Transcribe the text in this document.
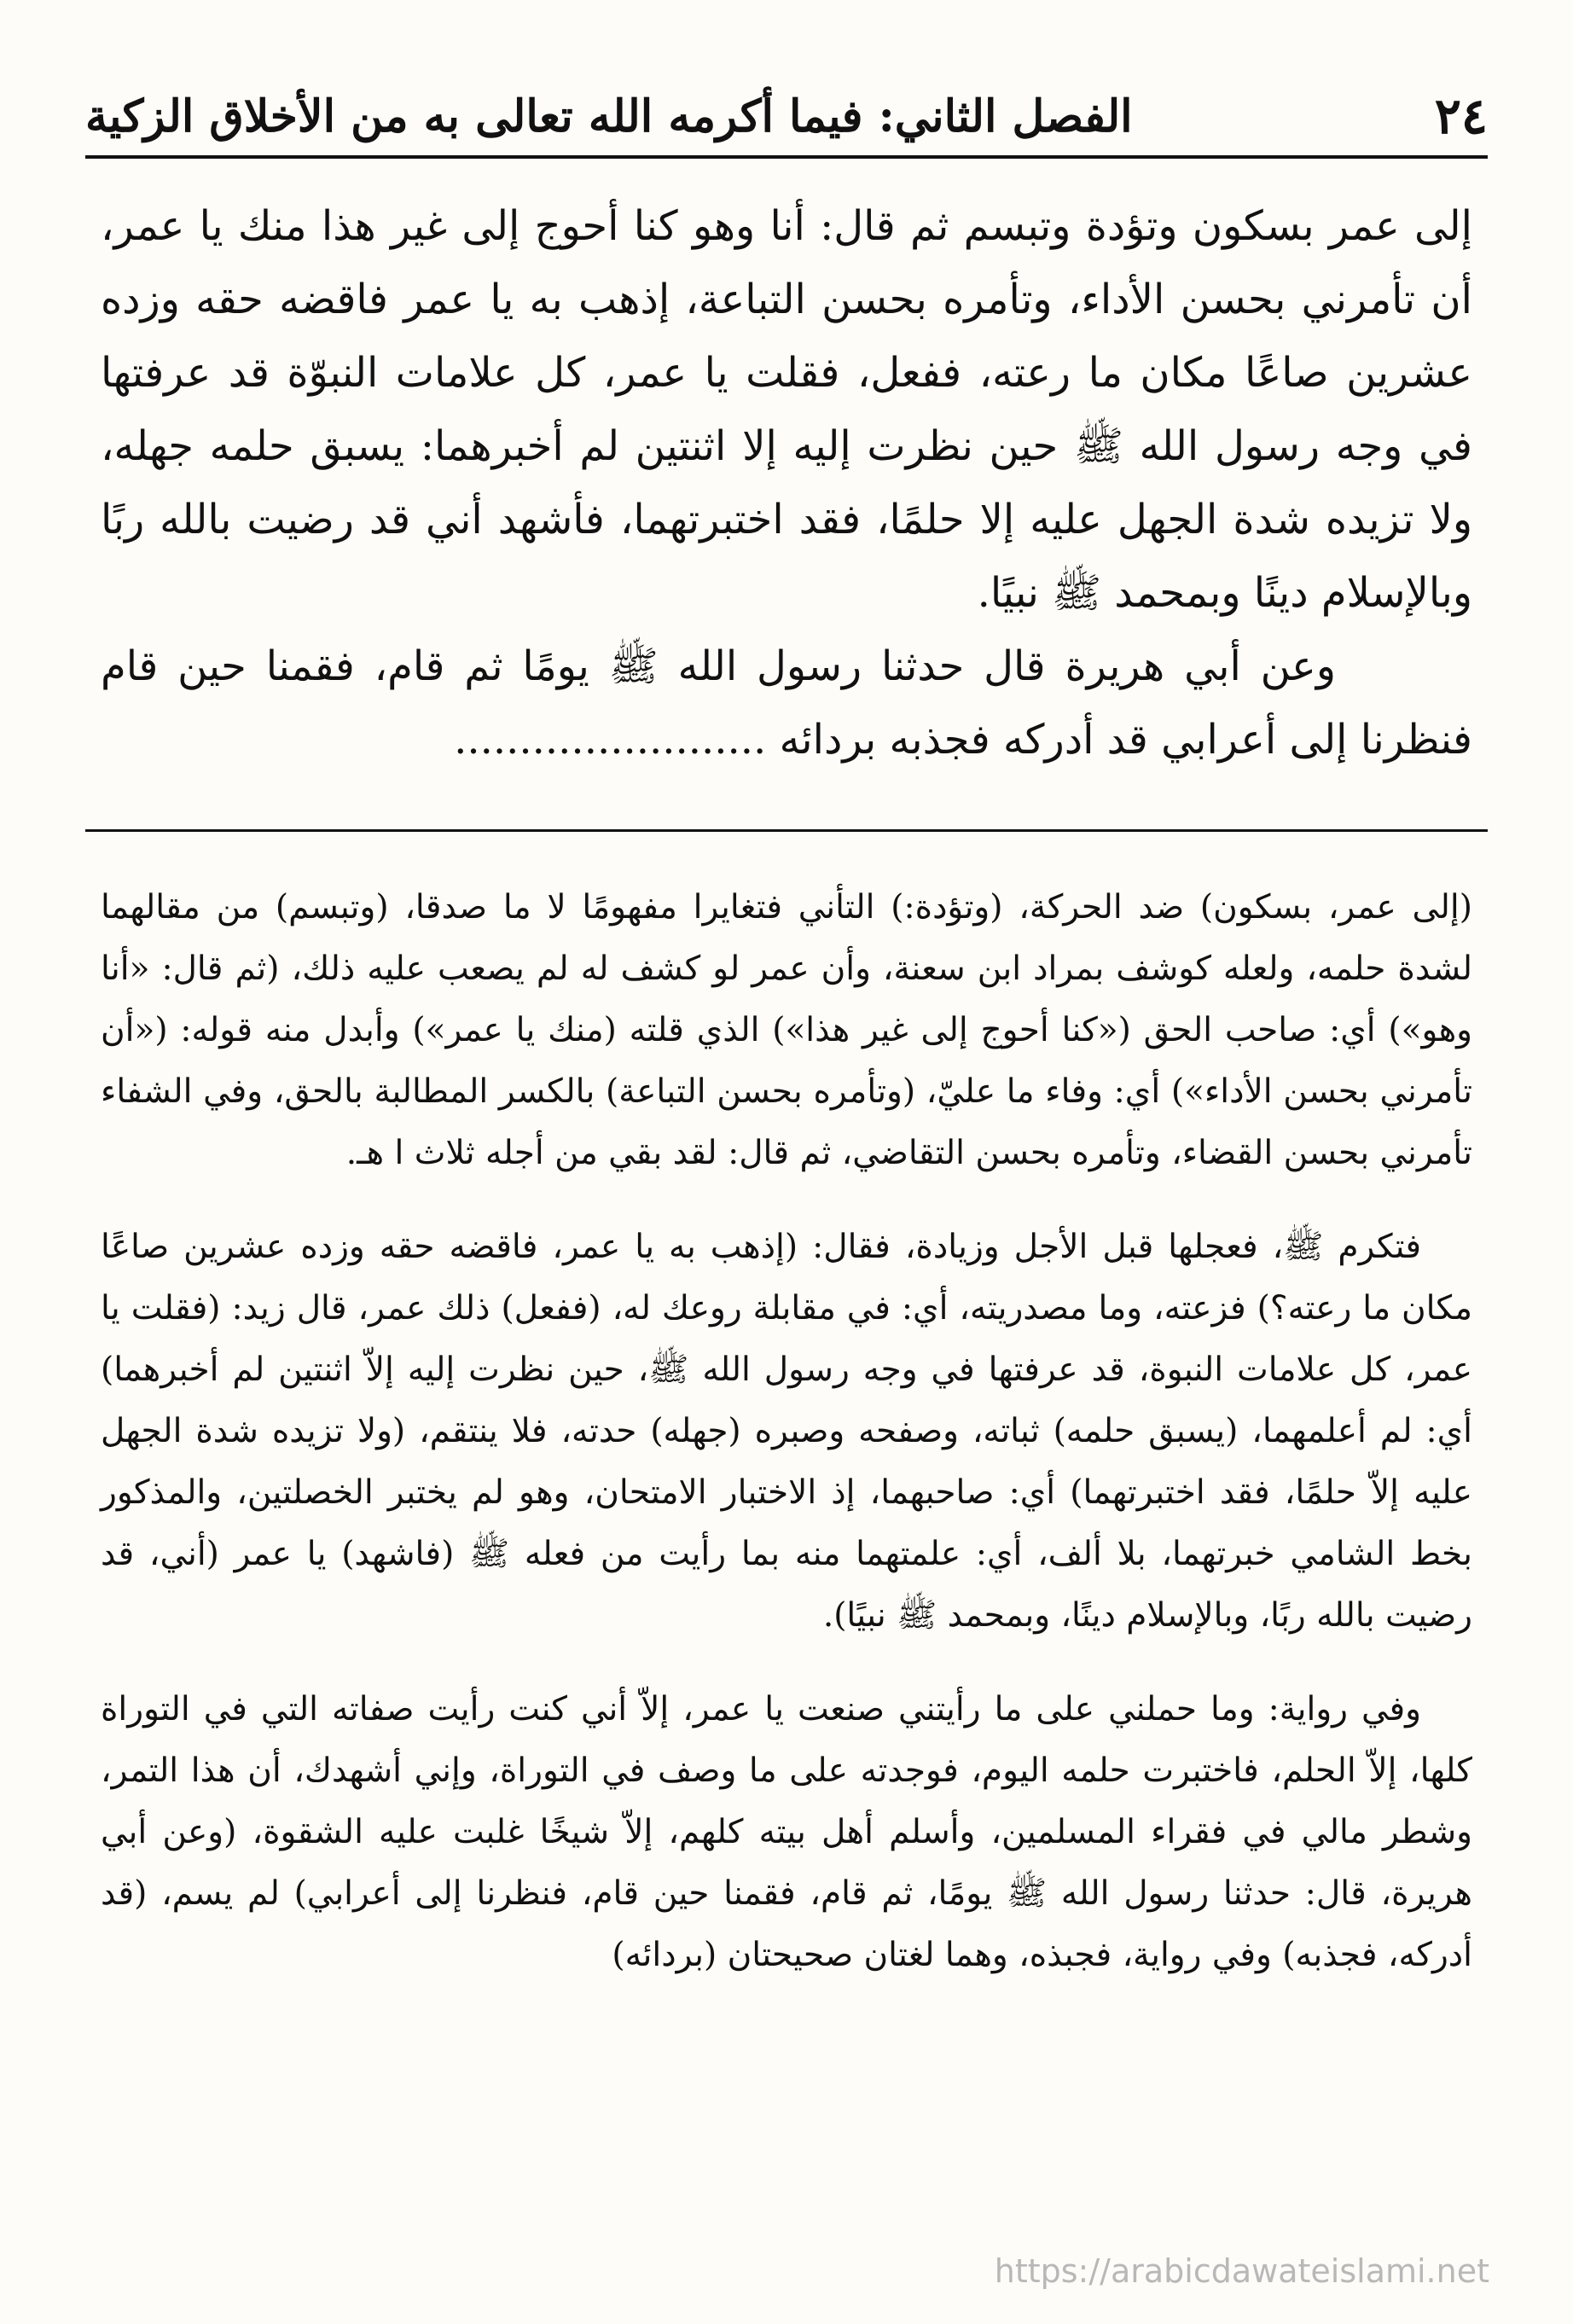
٢٤
الفصل الثاني: فيما أكرمه الله تعالى به من الأخلاق الزكية

إلى عمر بسكون وتؤدة وتبسم ثم قال: أنا وهو كنا أحوج إلى غير هذا منك يا عمر، أن تأمرني بحسن الأداء، وتأمره بحسن التباعة، إذهب به يا عمر فاقضه حقه وزده عشرين صاعًا مكان ما رعته، ففعل، فقلت يا عمر، كل علامات النبوّة قد عرفتها في وجه رسول الله ﷺ حين نظرت إليه إلا اثنتين لم أخبرهما: يسبق حلمه جهله، ولا تزيده شدة الجهل عليه إلا حلمًا، فقد اختبرتهما، فأشهد أني قد رضيت بالله ربًا وبالإسلام دينًا وبمحمد ﷺ نبيًا.

وعن أبي هريرة قال حدثنا رسول الله ﷺ يومًا ثم قام، فقمنا حين قام فنظرنا إلى أعرابي قد أدركه فجذبه بردائه ........................

(إلى عمر، بسكون) ضد الحركة، (وتؤدة:) التأني فتغايرا مفهومًا لا ما صدقا، (وتبسم) من مقالهما لشدة حلمه، ولعله كوشف بمراد ابن سعنة، وأن عمر لو كشف له لم يصعب عليه ذلك، (ثم قال: «أنا وهو») أي: صاحب الحق («كنا أحوج إلى غير هذا») الذي قلته (منك يا عمر») وأبدل منه قوله: («أن تأمرني بحسن الأداء») أي: وفاء ما عليّ، (وتأمره بحسن التباعة) بالكسر المطالبة بالحق، وفي الشفاء تأمرني بحسن القضاء، وتأمره بحسن التقاضي، ثم قال: لقد بقي من أجله ثلاث ا هـ.

فتكرم ﷺ، فعجلها قبل الأجل وزيادة، فقال: (إذهب به يا عمر، فاقضه حقه وزده عشرين صاعًا مكان ما رعته؟) فزعته، وما مصدريته، أي: في مقابلة روعك له، (ففعل) ذلك عمر، قال زيد: (فقلت يا عمر، كل علامات النبوة، قد عرفتها في وجه رسول الله ﷺ، حين نظرت إليه إلاّ اثنتين لم أخبرهما) أي: لم أعلمهما، (يسبق حلمه) ثباته، وصفحه وصبره (جهله) حدته، فلا ينتقم، (ولا تزيده شدة الجهل عليه إلاّ حلمًا، فقد اختبرتهما) أي: صاحبهما، إذ الاختبار الامتحان، وهو لم يختبر الخصلتين، والمذكور بخط الشامي خبرتهما، بلا ألف، أي: علمتهما منه بما رأيت من فعله ﷺ (فاشهد) يا عمر (أني، قد رضيت بالله ربًا، وبالإسلام دينًا، وبمحمد ﷺ نبيًا).

وفي رواية: وما حملني على ما رأيتني صنعت يا عمر، إلاّ أني كنت رأيت صفاته التي في التوراة كلها، إلاّ الحلم، فاختبرت حلمه اليوم، فوجدته على ما وصف في التوراة، وإني أشهدك، أن هذا التمر، وشطر مالي في فقراء المسلمين، وأسلم أهل بيته كلهم، إلاّ شيخًا غلبت عليه الشقوة، (وعن أبي هريرة، قال: حدثنا رسول الله ﷺ يومًا، ثم قام، فقمنا حين قام، فنظرنا إلى أعرابي) لم يسم، (قد أدركه، فجذبه) وفي رواية، فجبذه، وهما لغتان صحيحتان (بردائه)

https://arabicdawateislami.net
